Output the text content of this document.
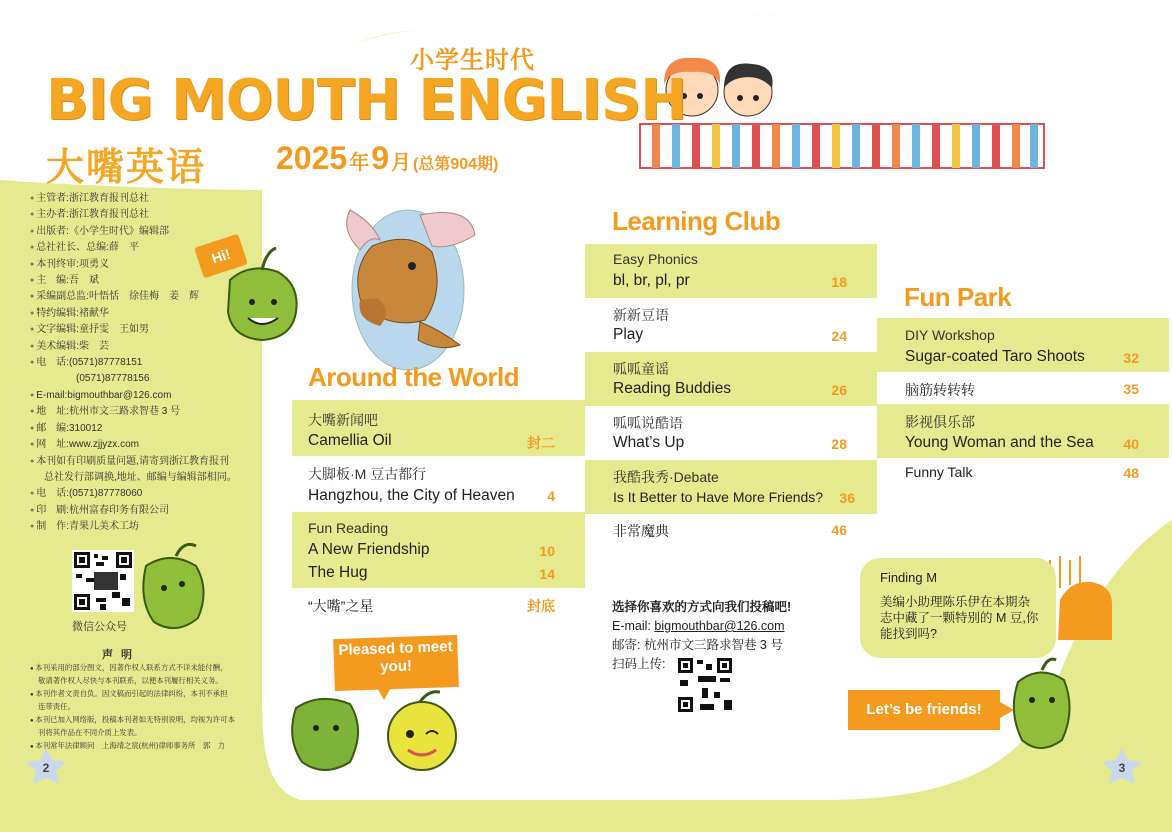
小学生时代
BIG MOUTH ENGLISH
大嘴英语 2025 年9 月 (总第904期)
● 主管者:浙江教育报刊总社
● 主办者:浙江教育报刊总社
● 出版者:《小学生时代》编辑部
● 总社社长、总编:薛　平
● 本刊终审:项勇义
● 主　编:吾　斌
● 采编副总监:叶悟恬　徐佳梅　姜　辉
● 特约编辑:褚献华
● 文字编辑:童抒雯　王如男
● 美术编辑:柴　芸
● 电　话:(0571)87778151
(0571)87778156
● E-mail:bigmouthbar@126.com
● 地　址:杭州市文三路求智巷 3 号
● 邮　编:310012
● 网　址:www.zjjyzx.com
● 本刊如有印刷质量问题,请寄到浙江教育报刊
总社发行部调换,地址、邮编与编辑部相同。
● 电　话:(0571)87778060
● 印　刷:杭州富春印务有限公司
● 制　作:青果儿美术工坊
微信公众号
声明
● 本刊采用的部分图文，因著作权人联系方式不详未能付酬，
敬请著作权人尽快与本刊联系，以便本刊履行相关义务。
● 本刊作者文责自负。因文稿而引起的法律纠纷，本刊不承担
连带责任。
● 本刊已加入网络版，投稿本刊者如无特别说明，均视为许可本
刊将其作品在不同介质上发表。
● 本刊常年法律顾问　上海靖之宸(杭州)律师事务所　郭　力
Hi!
Pleased to meet you!
Let’s be friends!
Around the World
大嘴新闻吧
Camellia Oil	封二
大脚板·M 豆古都行
Hangzhou, the City of Heaven 4
Fun Reading
A New Friendship	10
The Hug	14
“大嘴”之星	封底
Learning Club
Easy Phonics
bl, br, pl, pr	18
新新豆语
Play	24
呱呱童谣
Reading Buddies	26
呱呱说酷语
What’s Up	28
我酷我秀·Debate
Is It Better to Have More Friends? 36
非常魔典	46
Fun Park
DIY Workshop
Sugar-coated Taro Shoots	32
脑筋转转转	35
影视俱乐部
Young Woman and the Sea 40
Funny Talk	48
选择你喜欢的方式向我们投稿吧!
E-mail: bigmouthbar@126.com
邮寄: 杭州市文三路求智巷 3 号
扫码上传:
Finding M
美编小助理陈乐伊在本期杂志中藏了一颗特别的 M 豆,你能找到吗?
2	3
